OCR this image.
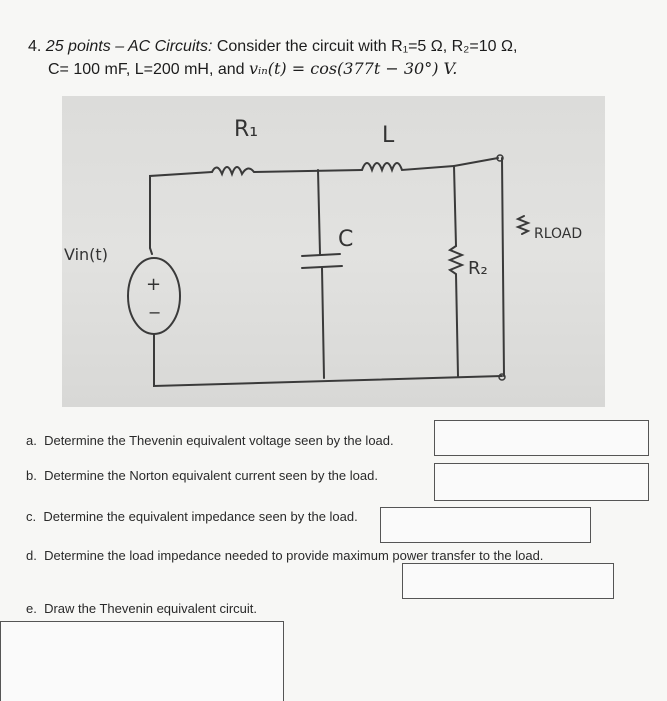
4. 25 points – AC Circuits: Consider the circuit with R₁=5 Ω, R₂=10 Ω,
C= 100 mF, L=200 mH, and vᵢₙ(t) = cos(377t − 30°) V.
R₁	L
C
R₂
RLOAD
Vin(t)
+
−
a. Determine the Thevenin equivalent voltage seen by the load.
b. Determine the Norton equivalent current seen by the load.
c. Determine the equivalent impedance seen by the load.
d. Determine the load impedance needed to provide maximum power transfer to the load.
e. Draw the Thevenin equivalent circuit.
